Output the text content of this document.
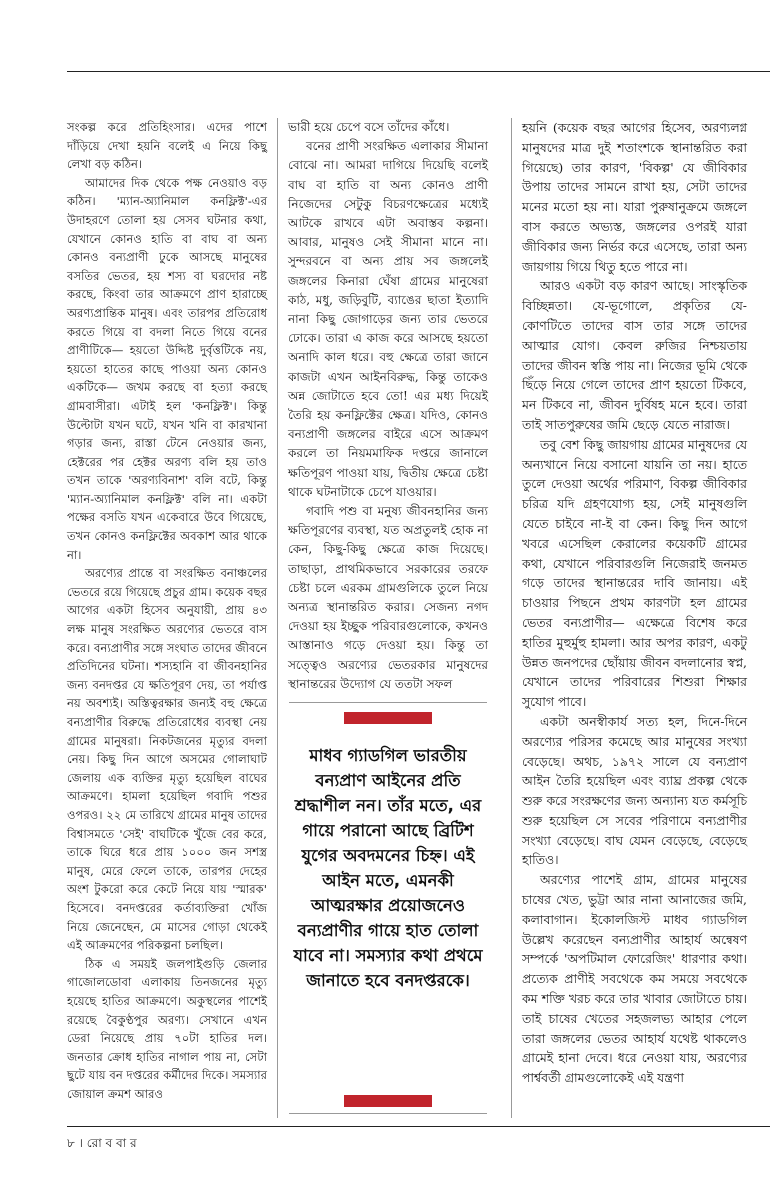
সংকল্প করে প্রতিহিংসার। এদের পাশে দাঁড়িয়ে দেখা হয়নি বলেই এ নিয়ে কিছু লেখা বড় কঠিন।

আমাদের দিক থেকে পক্ষ নেওয়াও বড় কঠিন। 'ম্যান-অ্যানিমাল কনফ্লিক্ট'-এর উদাহরণে তোলা হয় সেসব ঘটনার কথা, যেখানে কোনও হাতি বা বাঘ বা অন্য কোনও বন্যপ্রাণী ঢুকে আসছে মানুষের বসতির ভেতর, হয় শস্য বা ঘরদোর নষ্ট করছে, কিংবা তার আক্রমণে প্রাণ হারাচ্ছে অরণ্যপ্রান্তিক মানুষ। এবং তারপর প্রতিরোধ করতে গিয়ে বা বদলা নিতে গিয়ে বনের প্রাণীটিকে— হয়তো উদ্দিষ্ট দুর্বৃত্তটিকে নয়, হয়তো হাতের কাছে পাওয়া অন্য কোনও একটিকে— জখম করছে বা হত্যা করছে গ্রামবাসীরা। এটাই হল 'কনফ্লিক্ট'। কিন্তু উল্টোটা যখন ঘটে, যখন খনি বা কারখানা গড়ার জন্য, রাস্তা টেনে নেওয়ার জন্য, হেক্টরের পর হেক্টর অরণ্য বলি হয় তাও তখন তাকে 'অরণ্যবিনাশ' বলি বটে, কিন্তু 'ম্যান-অ্যানিমাল কনফ্লিক্ট' বলি না। একটা পক্ষের বসতি যখন একেবারে উবে গিয়েছে, তখন কোনও কনফ্লিক্টের অবকাশ আর থাকে না।

অরণ্যের প্রান্তে বা সংরক্ষিত বনাঞ্চলের ভেতরে রয়ে গিয়েছে প্রচুর গ্রাম। কয়েক বছর আগের একটা হিসেব অনুযায়ী, প্রায় ৪৩ লক্ষ মানুষ সংরক্ষিত অরণ্যের ভেতরে বাস করে। বন্যপ্রাণীর সঙ্গে সংঘাত তাদের জীবনে প্রতিদিনের ঘটনা। শস্যহানি বা জীবনহানির জন্য বনদপ্তর যে ক্ষতিপূরণ দেয়, তা পর্যাপ্ত নয় অবশ্যই। অস্তিত্বরক্ষার জন্যই বহু ক্ষেত্রে বন্যপ্রাণীর বিরুদ্ধে প্রতিরোধের ব্যবস্থা নেয় গ্রামের মানুষরা। নিকটজনের মৃত্যুর বদলা নেয়। কিছু দিন আগে অসমের গোলাঘাট জেলায় এক ব্যক্তির মৃত্যু হয়েছিল বাঘের আক্রমণে। হামলা হয়েছিল গবাদি পশুর ওপরও। ২২ মে তারিখে গ্রামের মানুষ তাদের বিশ্বাসমতে 'সেই' বাঘটিকে খুঁজে বের করে, তাকে ঘিরে ধরে প্রায় ১০০০ জন সশস্ত্র মানুষ, মেরে ফেলে তাকে, তারপর দেহের অংশ টুকরো করে কেটে নিয়ে যায় 'স্মারক' হিসেবে। বনদপ্তরের কর্তাব্যক্তিরা খোঁজ নিয়ে জেনেছেন, মে মাসের গোড়া থেকেই এই আক্রমণের পরিকল্পনা চলছিল।

ঠিক এ সময়ই জলপাইগুড়ি জেলার গাজোলডোবা এলাকায় তিনজনের মৃত্যু হয়েছে হাতির আক্রমণে। অকুস্থলের পাশেই রয়েছে বৈকুণ্ঠপুর অরণ্য। সেখানে এখন ডেরা নিয়েছে প্রায় ৭০টা হাতির দল। জনতার ক্রোধ হাতির নাগাল পায় না, সেটা ছুটে যায় বন দপ্তরের কর্মীদের দিকে। সমস্যার জোয়াল ক্রমশ আরও

ভারী হয়ে চেপে বসে তাঁদের কাঁধে।

বনের প্রাণী সংরক্ষিত এলাকার সীমানা বোঝে না। আমরা দাগিয়ে দিয়েছি বলেই বাঘ বা হাতি বা অন্য কোনও প্রাণী নিজেদের সেটুকু বিচরণক্ষেত্রের মধ্যেই আটকে রাখবে এটা অবাস্তব কল্পনা। আবার, মানুষও সেই সীমানা মানে না। সুন্দরবনে বা অন্য প্রায় সব জঙ্গলেই জঙ্গলের কিনারা ঘেঁষা গ্রামের মানুষেরা কাঠ, মধু, জড়িবুটি, ব্যাঙের ছাতা ইত্যাদি নানা কিছু জোগাড়ের জন্য তার ভেতরে ঢোকে। তারা এ কাজ করে আসছে হয়তো অনাদি কাল ধরে। বহু ক্ষেত্রে তারা জানে কাজটা এখন আইনবিরুদ্ধ, কিন্তু তাকেও অন্ন জোটাতে হবে তো! এর মধ্য দিয়েই তৈরি হয় কনফ্লিক্টের ক্ষেত্র। যদিও, কোনও বন্যপ্রাণী জঙ্গলের বাইরে এসে আক্রমণ করলে তা নিয়মমাফিক দপ্তরে জানালে ক্ষতিপূরণ পাওয়া যায়, দ্বিতীয় ক্ষেত্রে চেষ্টা থাকে ঘটনাটাকে চেপে যাওয়ার।

গবাদি পশু বা মনুষ্য জীবনহানির জন্য ক্ষতিপূরণের ব্যবস্থা, যত অপ্রতুলই হোক না কেন, কিছু-কিছু ক্ষেত্রে কাজ দিয়েছে। তাছাড়া, প্রাথমিকভাবে সরকারের তরফে চেষ্টা চলে এরকম গ্রামগুলিকে তুলে নিয়ে অন্যত্র স্থানান্তরিত করার। সেজন্য নগদ দেওয়া হয় ইচ্ছুক পরিবারগুলোকে, কখনও আস্তানাও গড়ে দেওয়া হয়। কিন্তু তা সত্ত্বেও অরণ্যের ভেতরকার মানুষদের স্থানান্তরের উদ্যোগ যে ততটা সফল

মাধব গ্যাডগিল ভারতীয় বন্যপ্রাণ আইনের প্রতি শ্রদ্ধাশীল নন। তাঁর মতে, এর গায়ে পরানো আছে ব্রিটিশ যুগের অবদমনের চিহ্ন। এই আইন মতে, এমনকী আত্মরক্ষার প্রয়োজনেও বন্যপ্রাণীর গায়ে হাত তোলা যাবে না। সমস্যার কথা প্রথমে জানাতে হবে বনদপ্তরকে।

হয়নি (কয়েক বছর আগের হিসেব, অরণ্যলগ্ন মানুষদের মাত্র দুই শতাংশকে স্থানান্তরিত করা গিয়েছে) তার কারণ, 'বিকল্প' যে জীবিকার উপায় তাদের সামনে রাখা হয়, সেটা তাদের মনের মতো হয় না। যারা পুরুষানুক্রমে জঙ্গলে বাস করতে অভ্যস্ত, জঙ্গলের ওপরই যারা জীবিকার জন্য নির্ভর করে এসেছে, তারা অন্য জায়গায় গিয়ে থিতু হতে পারে না।

আরও একটা বড় কারণ আছে। সাংস্কৃতিক বিচ্ছিন্নতা। যে-ভূগোলে, প্রকৃতির যে-কোণটিতে তাদের বাস তার সঙ্গে তাদের আত্মার যোগ। কেবল রুজির নিশ্চয়তায় তাদের জীবন স্বস্তি পায় না। নিজের ভূমি থেকে ছিঁড়ে নিয়ে গেলে তাদের প্রাণ হয়তো টিকবে, মন টিকবে না, জীবন দুর্বিষহ মনে হবে। তারা তাই সাতপুরুষের জমি ছেড়ে যেতে নারাজ।

তবু বেশ কিছু জায়গায় গ্রামের মানুষদের যে অন্যখানে নিয়ে বসানো যায়নি তা নয়। হাতে তুলে দেওয়া অর্থের পরিমাণ, বিকল্প জীবিকার চরিত্র যদি গ্রহণযোগ্য হয়, সেই মানুষগুলি যেতে চাইবে না-ই বা কেন। কিছু দিন আগে খবরে এসেছিল কেরালের কয়েকটি গ্রামের কথা, যেখানে পরিবারগুলি নিজেরাই জনমত গড়ে তাদের স্থানান্তরের দাবি জানায়। এই চাওয়ার পিছনে প্রথম কারণটা হল গ্রামের ভেতর বন্যপ্রাণীর— এক্ষেত্রে বিশেষ করে হাতির মুহুর্মুহু হামলা। আর অপর কারণ, একটু উন্নত জনপদের ছোঁয়ায় জীবন বদলানোর স্বপ্ন, যেখানে তাদের পরিবারের শিশুরা শিক্ষার সুযোগ পাবে।

একটা অনস্বীকার্য সত্য হল, দিনে-দিনে অরণ্যের পরিসর কমেছে আর মানুষের সংখ্যা বেড়েছে। অথচ, ১৯৭২ সালে যে বন্যপ্রাণ আইন তৈরি হয়েছিল এবং ব্যাঘ্র প্রকল্প থেকে শুরু করে সংরক্ষণের জন্য অন্যান্য যত কর্মসূচি শুরু হয়েছিল সে সবের পরিণামে বন্যপ্রাণীর সংখ্যা বেড়েছে। বাঘ যেমন বেড়েছে, বেড়েছে হাতিও।

অরণ্যের পাশেই গ্রাম, গ্রামের মানুষের চাষের খেত, ভুট্টা আর নানা আনাজের জমি, কলাবাগান। ইকোলজিস্ট মাধব গ্যাডগিল উল্লেখ করেছেন বন্যপ্রাণীর আহার্য অন্বেষণ সম্পর্কে 'অপটিমাল ফোরেজিং' ধারণার কথা। প্রত্যেক প্রাণীই সবথেকে কম সময়ে সবথেকে কম শক্তি খরচ করে তার খাবার জোটাতে চায়। তাই চাষের খেতের সহজলভ্য আহার পেলে তারা জঙ্গলের ভেতর আহার্য যথেষ্ট থাকলেও গ্রামেই হানা দেবে। ধরে নেওয়া যায়, অরণ্যের পার্শ্ববর্তী গ্রামগুলোকেই এই যন্ত্রণা

৮ । রো ব বা র
